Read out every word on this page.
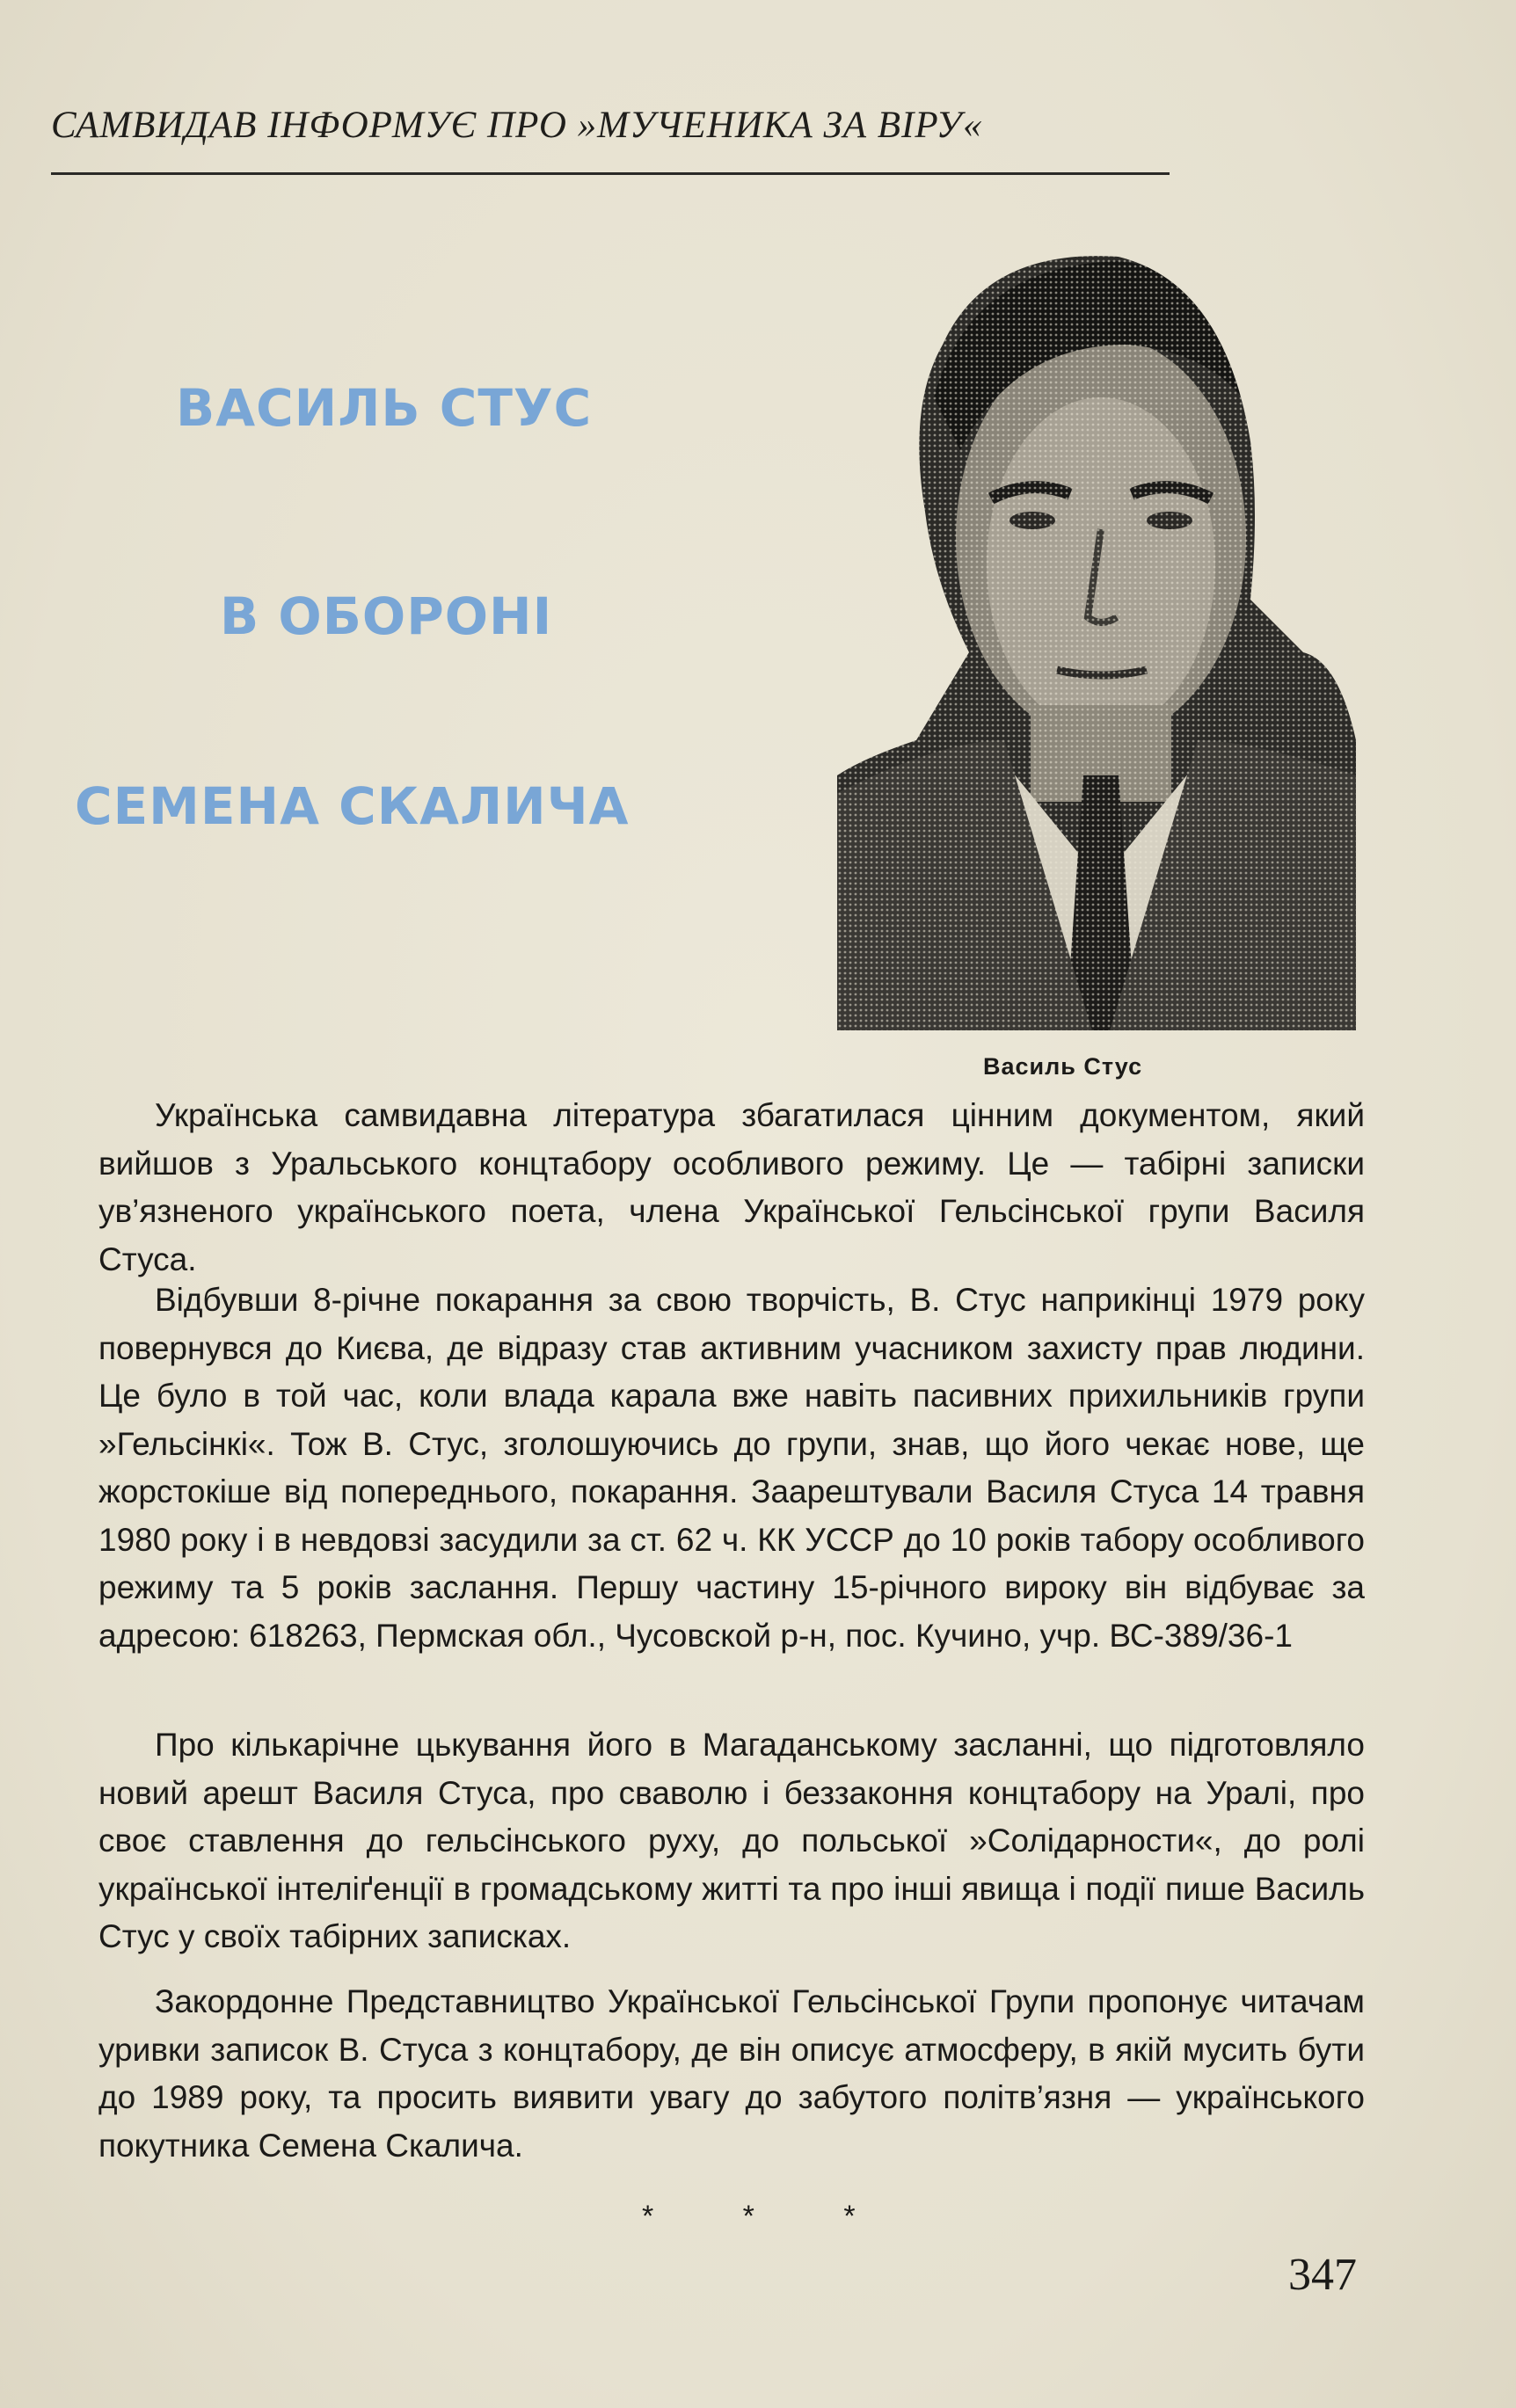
САМВИДАВ ІНФОРМУЄ ПРО »МУЧЕНИКА ЗА ВІРУ«
ВАСИЛЬ СТУС
В ОБОРОНІ
СЕМЕНА СКАЛИЧА
Василь Стус

Українська самвидавна література збагатилася цінним документом, який вийшов з Уральського концтабору особливого режиму. Це — табірні записки ув’язненого українського поета, члена Української Гельсінської групи Василя Стуса.

Відбувши 8-річне покарання за свою творчість, В. Стус наприкінці 1979 року повернувся до Києва, де відразу став активним учасником захисту прав людини. Це було в той час, коли влада карала вже навіть пасивних прихильників групи »Гельсінкі«. Тож В. Стус, зголошуючись до групи, знав, що його чекає нове, ще жорстокіше від попереднього, покарання. Заарештували Василя Стуса 14 травня 1980 року і в невдовзі засудили за ст. 62 ч. КК УССР до 10 років табору особливого режиму та 5 років заслання. Першу частину 15-річного вироку він відбуває за адресою: 618263, Пермская обл., Чусовской р-н, пос. Кучино, учр. ВС-389/36-1

Про кількарічне цькування його в Магаданському засланні, що підготовляло новий арешт Василя Стуса, про сваволю і беззаконня концтабору на Уралі, про своє ставлення до гельсінського руху, до польської »Солідарности«, до ролі української інтеліґенції в громадському житті та про інші явища і події пише Василь Стус у своїх табірних записках.

Закордонне Представництво Української Гельсінської Групи пропонує читачам уривки записок В. Стуса з концтабору, де він описує атмосферу, в якій мусить бути до 1989 року, та просить виявити увагу до забутого політв’язня — українського покутника Семена Скалича.

* * *
347
